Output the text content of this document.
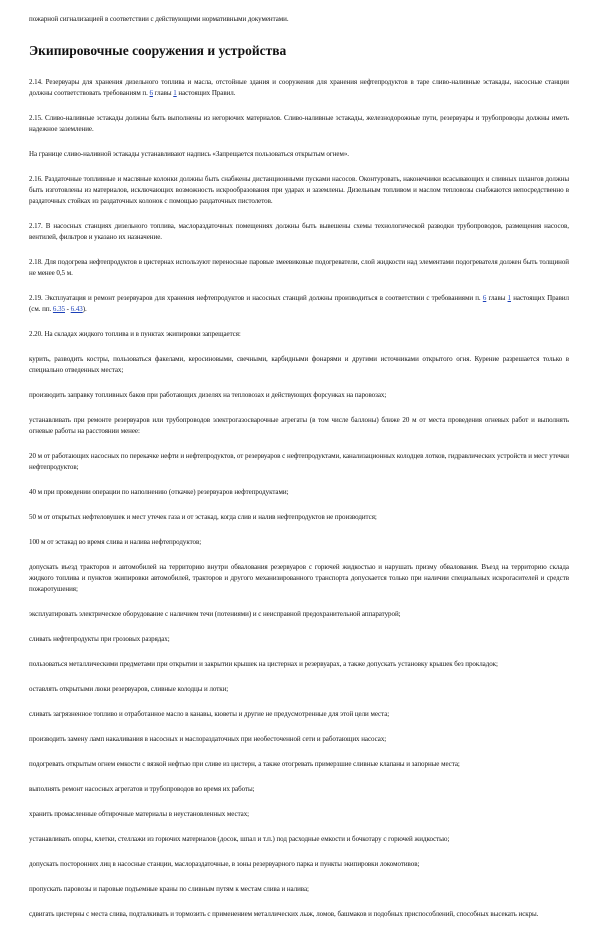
пожарной сигнализацией в соответствии с действующими нормативными документами.

Экипировочные сооружения и устройства

2.14. Резервуары для хранения дизельного топлива и масла, отстойные здания и сооружения для хранения нефтепродуктов в таре сливо-наливные эстакады, насосные станции должны соответствовать требованиям п. 6 главы 1 настоящих Правил.

2.15. Сливо-наливные эстакады должны быть выполнены из негорючих материалов. Сливо-наливные эстакады, железнодорожные пути, резервуары и трубопроводы должны иметь надежное заземление.

На границе сливо-наливной эстакады устанавливают надпись «Запрещается пользоваться открытым огнем».

2.16. Раздаточные топливные и масляные колонки должны быть снабжены дистанционными пусками насосов. Оконтуровать, наконечники всасывающих и сливных шлангов должны быть изготовлены из материалов, исключающих возможность искрообразования при ударах и заземлены. Дизельным топливом и маслом тепловозы снабжаются непосредственно в раздаточных стойках из раздаточных колонок с помощью раздаточных пистолетов.

2.17. В насосных станциях дизельного топлива, маслораздаточных помещениях должны быть вывешены схемы технологической разводки трубопроводов, размещения насосов, вентилей, фильтров и указано их назначение.

2.18. Для подогрева нефтепродуктов в цистернах используют переносные паровые змеевиковые подогреватели, слой жидкости над элементами подогревателя должен быть толщиной не менее 0,5 м.

2.19. Эксплуатация и ремонт резервуаров для хранения нефтепродуктов и насосных станций должны производиться в соответствии с требованиями п. 6 главы 1 настоящих Правил (см. пп. 6.35 - 6.43).

2.20. На складах жидкого топлива и в пунктах экипировки запрещается:

курить, разводить костры, пользоваться факелами, керосиновыми, свечными, карбидными фонарями и другими источниками открытого огня. Курение разрешается только в специально отведенных местах;

производить заправку топливных баков при работающих дизелях на тепловозах и действующих форсунках на паровозах;

устанавливать при ремонте резервуаров или трубопроводов электрогазосварочные агрегаты (в том числе баллоны) ближе 20 м от места проведения огневых работ и выполнять огневые работы на расстоянии менее:

20 м от работающих насосных по перекачке нефти и нефтепродуктов, от резервуаров с нефтепродуктами, канализационных колодцев лотков, гидравлических устройств и мест утечки нефтепродуктов;

40 м при проведении операции по наполнению (откачке) резервуаров нефтепродуктами;

50 м от открытых нефтеловушек и мест утечек газа и от эстакад, когда слив и налив нефтепродуктов не производится;

100 м от эстакад во время слива и налива нефтепродуктов;

допускать въезд тракторов и автомобилей на территорию внутри обвалования резервуаров с горючей жидкостью и нарушать призму обвалования. Въезд на территорию склада жидкого топлива и пунктов экипировки автомобилей, тракторов и другого механизированного транспорта допускается только при наличии специальных искрогасителей и средств пожаротушения;

эксплуатировать электрическое оборудование с наличием течи (потениями) и с неисправной предохранительной аппаратурой;

сливать нефтепродукты при грозовых разрядах;

пользоваться металлическими предметами при открытии и закрытии крышек на цистернах и резервуарах, а также допускать установку крышек без прокладок;

оставлять открытыми люки резервуаров, сливные колодцы и лотки;

сливать загрязненное топливо и отработанное масло в канавы, кюветы и другие не предусмотренные для этой цели места;

производить замену ламп накаливания в насосных и маслораздаточных при необесточенной сети и работающих насосах;

подогревать открытым огнем емкости с вязкой нефтью при сливе из цистерн, а также отогревать примерзшие сливные клапаны и запорные места;

выполнять ремонт насосных агрегатов и трубопроводов во время их работы;

хранить промасленные обтирочные материалы в неустановленных местах;

устанавливать опоры, клетки, стеллажи из горючих материалов (досок, шпал и т.п.) под расходные емкости и бочкотару с горючей жидкостью;

допускать посторонних лиц в насосные станции, маслораздаточные, в зоны резервуарного парка и пункты экипировки локомотивов;

пропускать паровозы и паровые подъемные краны по сливным путям к местам слива и налива;

сдвигать цистерны с места слива, подталкивать и тормозить с применением металлических лыж, ломов, башмаков и подобных приспособлений, способных высекать искры.
